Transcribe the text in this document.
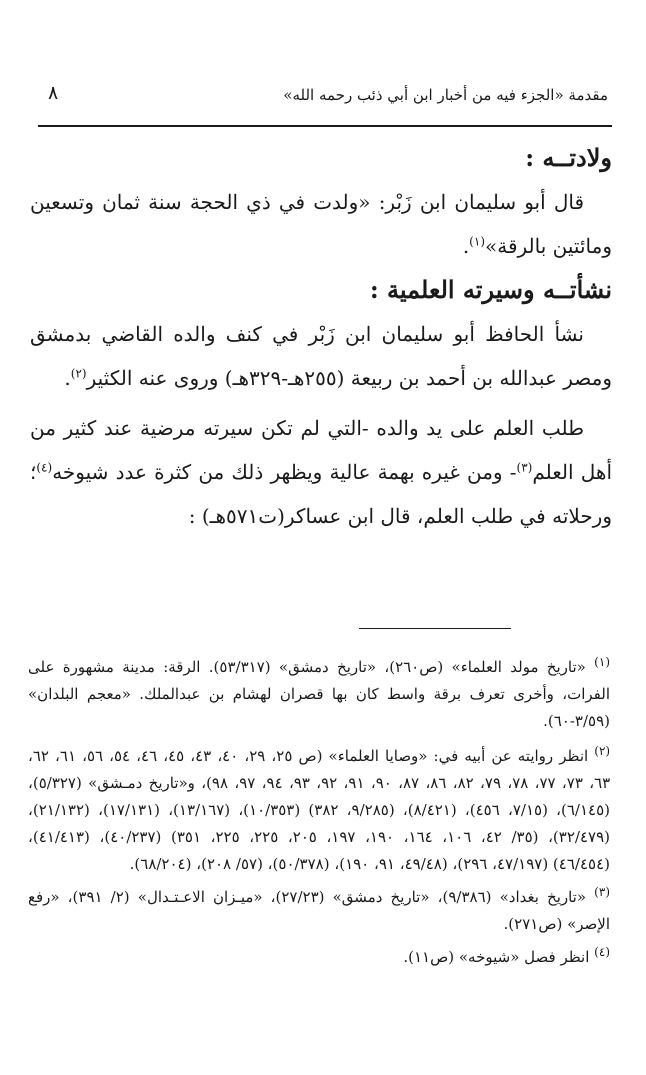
مقدمة «الجزء فيه من أخبار ابن أبي ذئب رحمه الله»
٨
ولادتــه :

قال أبو سليمان ابن زَبْر: «ولدت في ذي الحجة سنة ثمان وتسعين ومائتين بالرقة»$^{(١)}$.

نشأتــه وسيرته العلمية :

نشأ الحافظ أبو سليمان ابن زَبْر في كنف والده القاضي بدمشق ومصر عبدالله بن أحمد بن ربيعة (٢٥٥هـ-٣٢٩هـ) وروى عنه الكثير$^{(٢)}$.

طلب العلم على يد والده -التي لم تكن سيرته مرضية عند كثير من أهل العلم$^{(٣)}$- ومن غيره بهمة عالية ويظهر ذلك من كثرة عدد شيوخه$^{(٤)}$؛ ورحلاته في طلب العلم، قال ابن عساكر(ت٥٧١هـ) :

$^{(١)}$ «تاريخ مولد العلماء» (ص٢٦٠)، «تاريخ دمشق» (٥٣/٣١٧). الرقة: مدينة مشهورة على الفرات، وأخرى تعرف برقة واسط كان بها قصران لهشام بن عبدالملك. «معجم البلدان» (٣/٥٩-٦٠).

$^{(٢)}$ انظر روايته عن أبيه في: «وصايا العلماء» (ص ٢٥، ٢٩، ٤٠، ٤٣، ٤٥، ٤٦، ٥٤، ٥٦، ٦١، ٦٢، ٦٣، ٧٣، ٧٧، ٧٨، ٧٩، ٨٢، ٨٦، ٨٧، ٩٠، ٩١، ٩٢، ٩٣، ٩٤، ٩٧، ٩٨)، و«تاريخ دمـشق» (٥/٣٢٧)، (٦/١٤٥)، (٧/١٥، ٤٥٦)، (٨/٤٢١)، (٩/٢٨٥، ٣٨٢) (١٠/٣٥٣)، (١٣/١٦٧)، (١٧/١٣١)، (٢١/١٣٢)، (٣٢/٤٧٩)، (٣٥/ ٤٢، ١٠٦، ١٦٤، ١٩٠، ١٩٧، ٢٠٥، ٢٢٥، ٢٢٥، ٣٥١) (٤٠/٢٣٧)، (٤١/٤١٣)، (٤٦/٤٥٤) (٤٧/١٩٧، ٢٩٦)، (٤٩/٤٨، ٩١، ١٩٠)، (٥٠/٣٧٨)، (٥٧/ ٢٠٨)، (٦٨/٢٠٤).

$^{(٣)}$ «تاريخ بغداد» (٩/٣٨٦)، «تاريخ دمشق» (٢٧/٢٣)، «ميـزان الاعـتـدال» (٢/ ٣٩١)، «رفع الإصر» (ص٢٧١).

$^{(٤)}$ انظر فصل «شيوخه» (ص١١).
